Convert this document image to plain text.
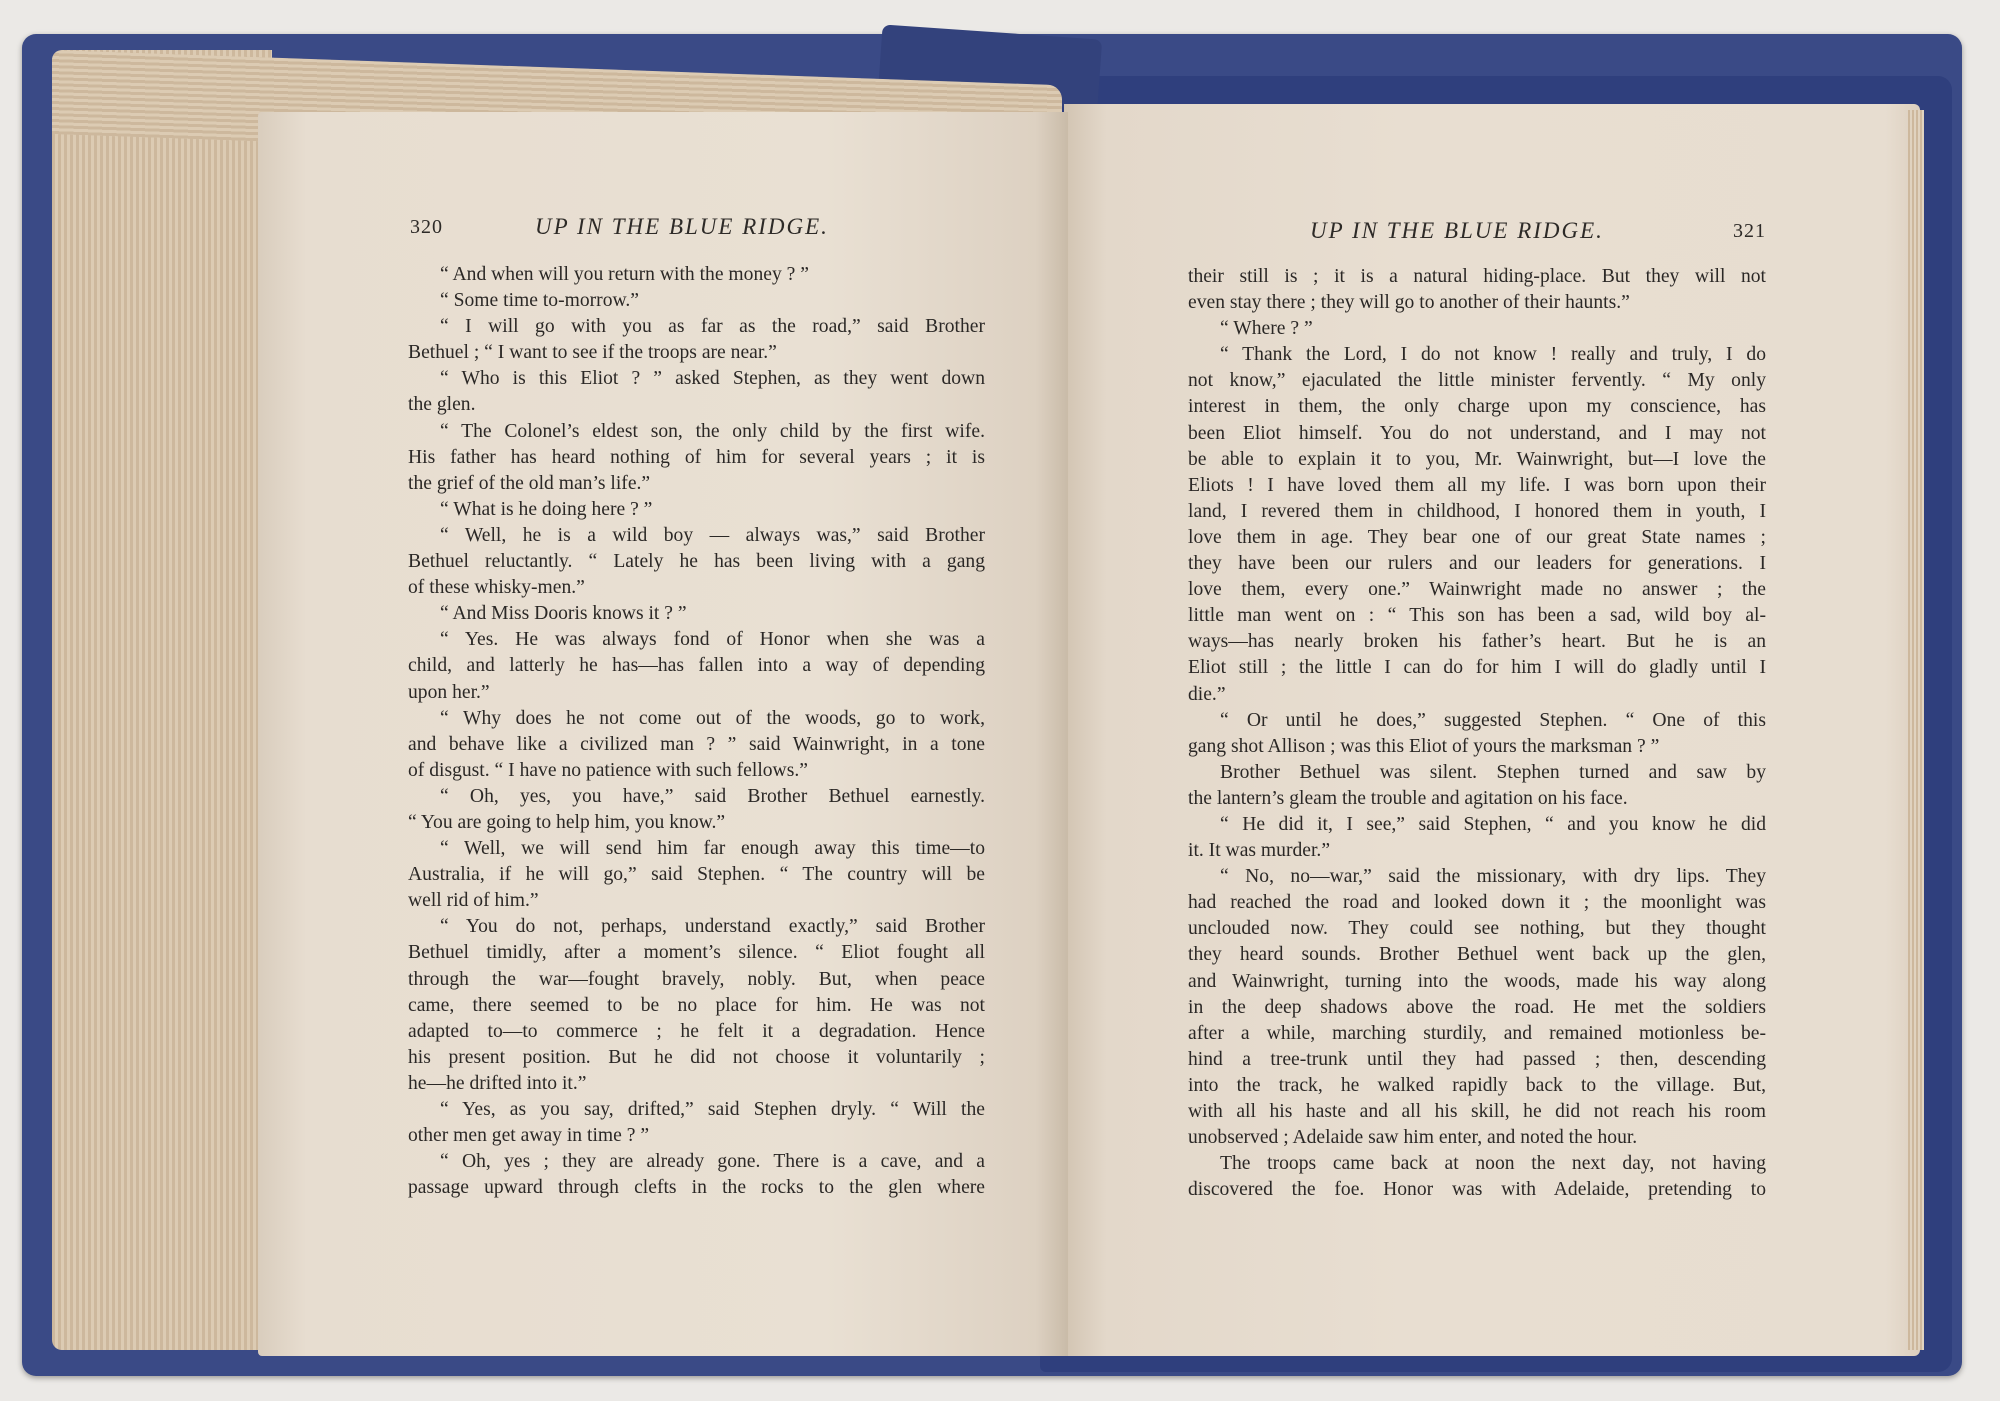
320	UP IN THE BLUE RIDGE.	UP IN THE BLUE RIDGE.	321
“ And when will you return with the money ? ”
“ Some time to-morrow.”
“ I will go with you as far as the road,” said Brother
Bethuel ; “ I want to see if the troops are near.”
“ Who is this Eliot ? ” asked Stephen, as they went down
the glen.
“ The Colonel’s eldest son, the only child by the first wife.
His father has heard nothing of him for several years ; it is
the grief of the old man’s life.”
“ What is he doing here ? ”
“ Well, he is a wild boy — always was,” said Brother
Bethuel reluctantly. “ Lately he has been living with a gang
of these whisky-men.”
“ And Miss Dooris knows it ? ”
“ Yes. He was always fond of Honor when she was a
child, and latterly he has—has fallen into a way of depending
upon her.”
“ Why does he not come out of the woods, go to work,
and behave like a civilized man ? ” said Wainwright, in a tone
of disgust. “ I have no patience with such fellows.”
“ Oh, yes, you have,” said Brother Bethuel earnestly.
“ You are going to help him, you know.”
“ Well, we will send him far enough away this time—to
Australia, if he will go,” said Stephen. “ The country will be
well rid of him.”
“ You do not, perhaps, understand exactly,” said Brother
Bethuel timidly, after a moment’s silence. “ Eliot fought all
through the war—fought bravely, nobly. But, when peace
came, there seemed to be no place for him. He was not
adapted to—to commerce ; he felt it a degradation. Hence
his present position. But he did not choose it voluntarily ;
he—he drifted into it.”
“ Yes, as you say, drifted,” said Stephen dryly. “ Will the
other men get away in time ? ”
“ Oh, yes ; they are already gone. There is a cave, and a
passage upward through clefts in the rocks to the glen where
their still is ; it is a natural hiding-place. But they will not
even stay there ; they will go to another of their haunts.”
“ Where ? ”
“ Thank the Lord, I do not know ! really and truly, I do
not know,” ejaculated the little minister fervently. “ My only
interest in them, the only charge upon my conscience, has
been Eliot himself. You do not understand, and I may not
be able to explain it to you, Mr. Wainwright, but—I love the
Eliots ! I have loved them all my life. I was born upon their
land, I revered them in childhood, I honored them in youth, I
love them in age. They bear one of our great State names ;
they have been our rulers and our leaders for generations. I
love them, every one.” Wainwright made no answer ; the
little man went on : “ This son has been a sad, wild boy al-
ways—has nearly broken his father’s heart. But he is an
Eliot still ; the little I can do for him I will do gladly until I
die.”
“ Or until he does,” suggested Stephen. “ One of this
gang shot Allison ; was this Eliot of yours the marksman ? ”
Brother Bethuel was silent. Stephen turned and saw by
the lantern’s gleam the trouble and agitation on his face.
“ He did it, I see,” said Stephen, “ and you know he did
it. It was murder.”
“ No, no—war,” said the missionary, with dry lips. They
had reached the road and looked down it ; the moonlight was
unclouded now. They could see nothing, but they thought
they heard sounds. Brother Bethuel went back up the glen,
and Wainwright, turning into the woods, made his way along
in the deep shadows above the road. He met the soldiers
after a while, marching sturdily, and remained motionless be-
hind a tree-trunk until they had passed ; then, descending
into the track, he walked rapidly back to the village. But,
with all his haste and all his skill, he did not reach his room
unobserved ; Adelaide saw him enter, and noted the hour.
The troops came back at noon the next day, not having
discovered the foe. Honor was with Adelaide, pretending to
